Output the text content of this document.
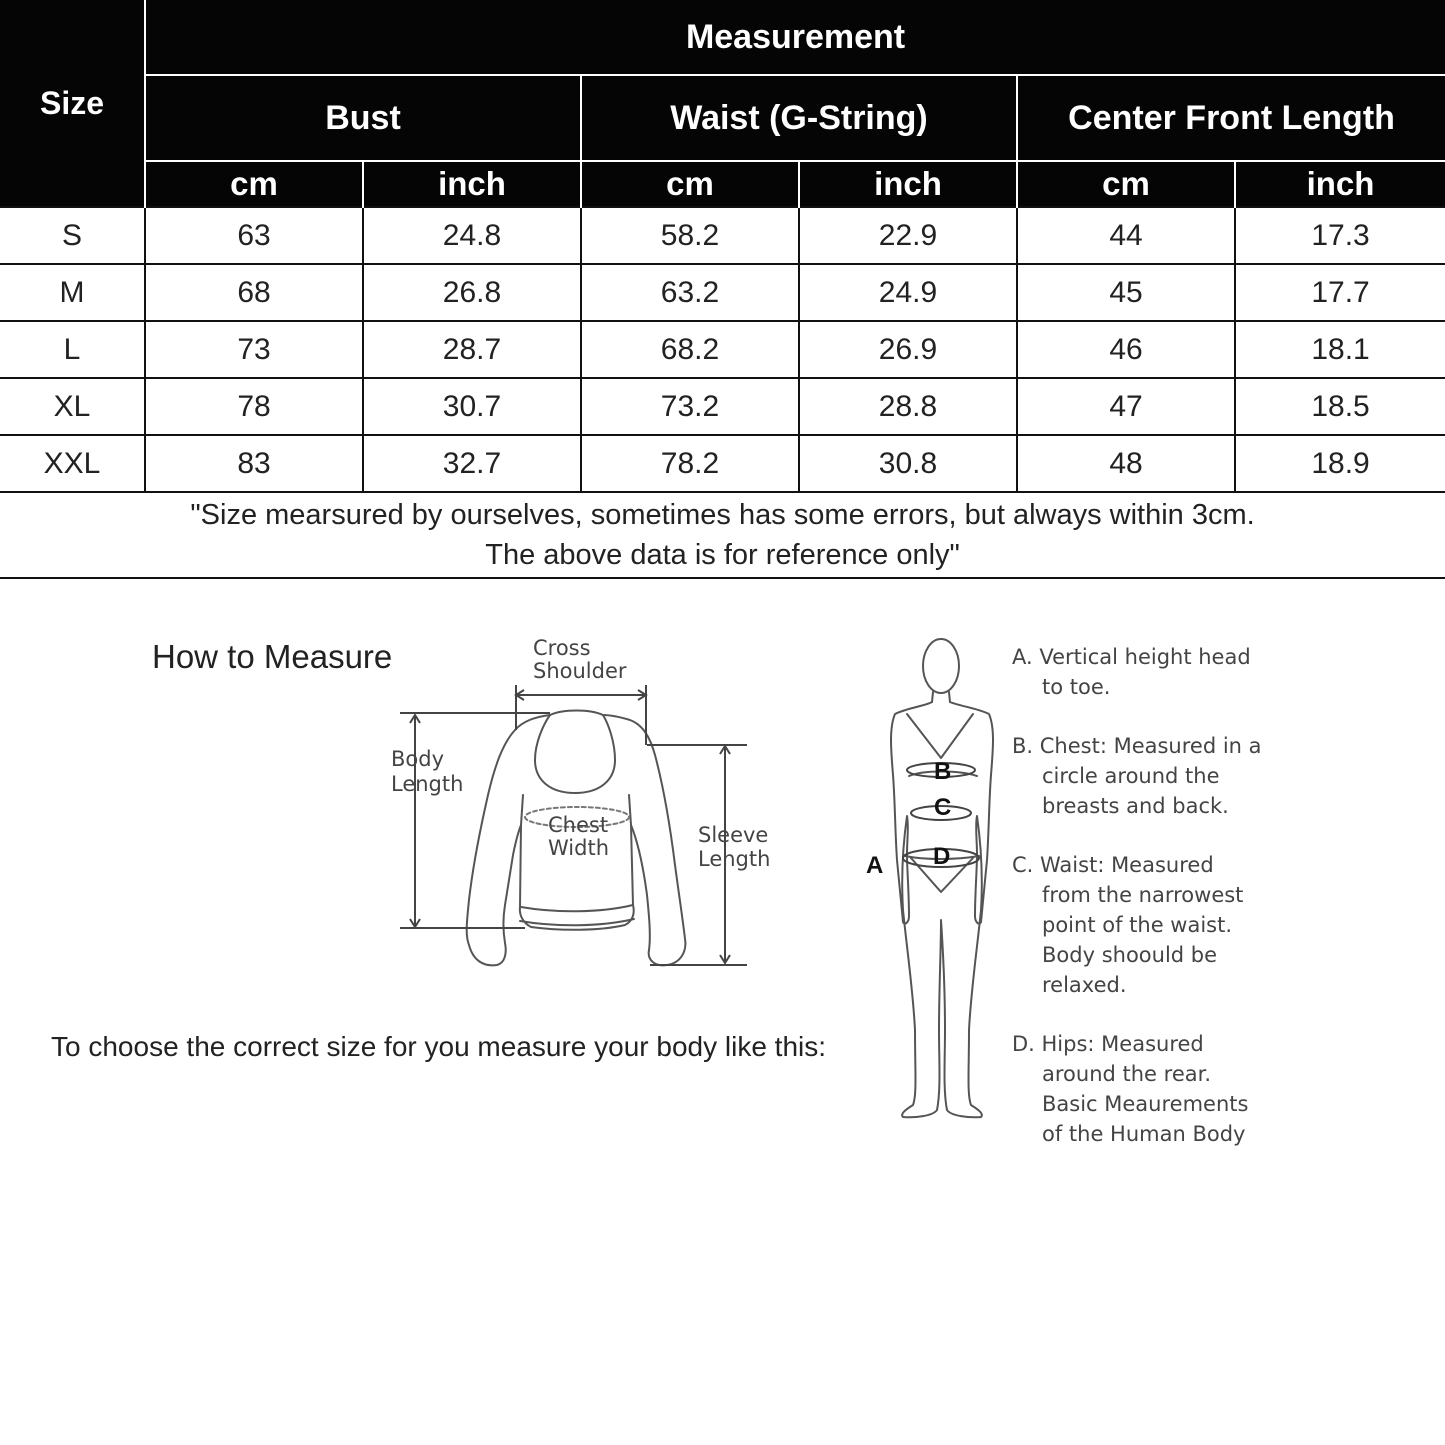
Size	Measurement					
	Bust		Waist (G-String)		Center Front Length	
	cm	inch	cm	inch	cm	inch
S	63	24.8	58.2	22.9	44	17.3
M	68	26.8	63.2	24.9	45	17.7
L	73	28.7	68.2	26.9	46	18.1
XL	78	30.7	73.2	28.8	47	18.5
XXL	83	32.7	78.2	30.8	48	18.9

"Size mearsured by ourselves, sometimes has some errors, but always within 3cm.
The above data is for reference only"						
How to Measure	Cross
Shoulder
Body
Length
Chest
Width
Sleeve
Length
B
C
D
A
To choose the correct size for you measure your body like this:
A. Vertical height head
to toe.
B. Chest: Measured in a
circle around the
breasts and back.
C. Waist: Measured
from the narrowest
point of the waist.
Body shoould be
relaxed.
D. Hips: Measured
around the rear.
Basic Meaurements
of the Human Body
